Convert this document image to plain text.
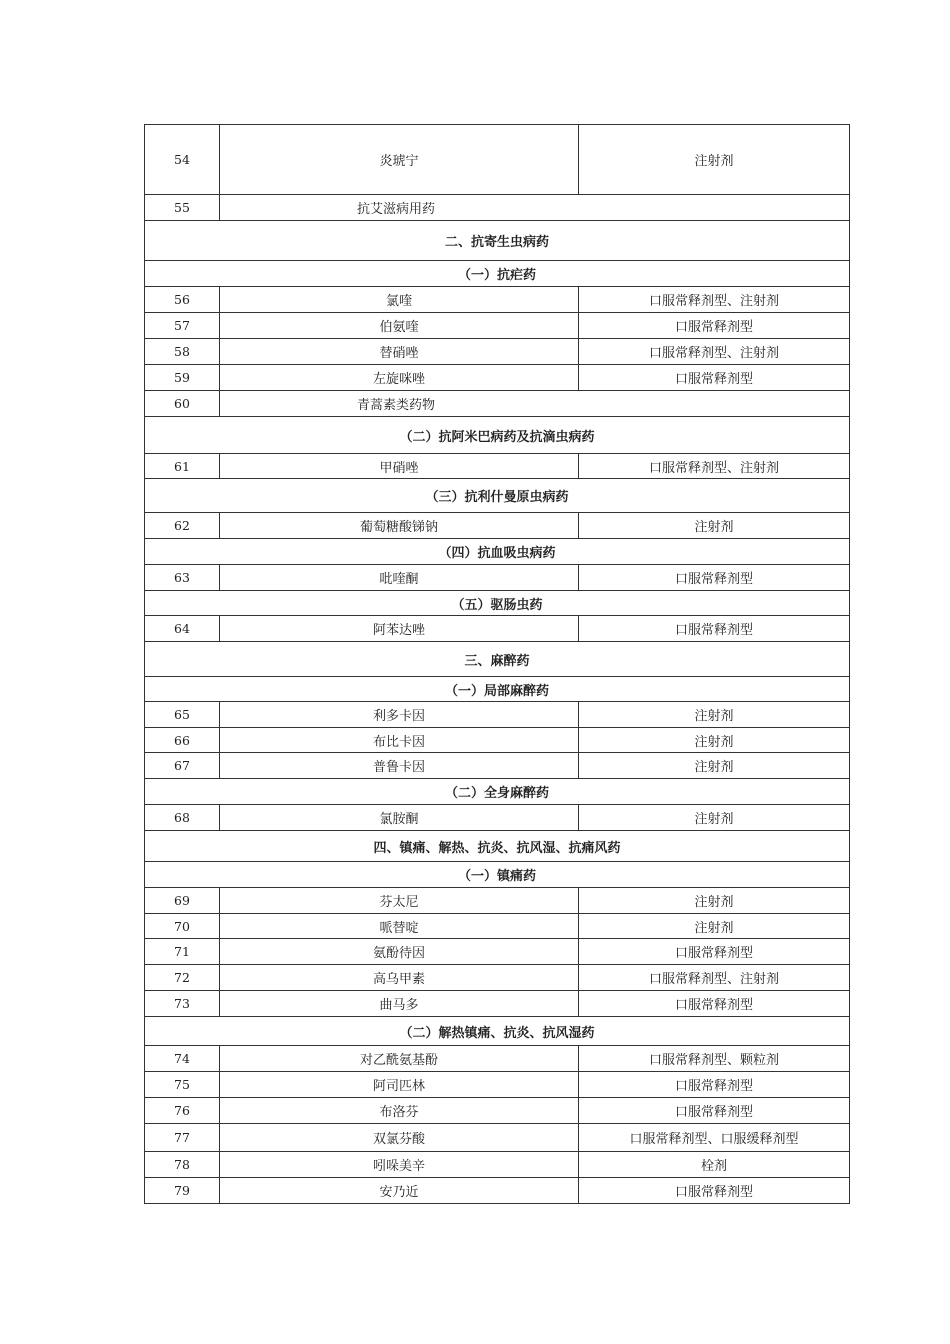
54	炎琥宁	注射剂
55	抗艾滋病用药	
二、抗寄生虫病药		
（一）抗疟药		
56	氯喹	口服常释剂型、注射剂
57	伯氨喹	口服常释剂型
58	替硝唑	口服常释剂型、注射剂
59	左旋咪唑	口服常释剂型
60	青蒿素类药物	
（二）抗阿米巴病药及抗滴虫病药		
61	甲硝唑	口服常释剂型、注射剂
（三）抗利什曼原虫病药		
62	葡萄糖酸锑钠	注射剂
（四）抗血吸虫病药		
63	吡喹酮	口服常释剂型
（五）驱肠虫药		
64	阿苯达唑	口服常释剂型
三、麻醉药		
（一）局部麻醉药		
65	利多卡因	注射剂
66	布比卡因	注射剂
67	普鲁卡因	注射剂
（二）全身麻醉药		
68	氯胺酮	注射剂
四、镇痛、解热、抗炎、抗风湿、抗痛风药		
（一）镇痛药		
69	芬太尼	注射剂
70	哌替啶	注射剂
71	氨酚待因	口服常释剂型
72	高乌甲素	口服常释剂型、注射剂
73	曲马多	口服常释剂型
（二）解热镇痛、抗炎、抗风湿药		
74	对乙酰氨基酚	口服常释剂型、颗粒剂
75	阿司匹林	口服常释剂型
76	布洛芬	口服常释剂型
77	双氯芬酸	口服常释剂型、口服缓释剂型
78	吲哚美辛	栓剂
79	安乃近	口服常释剂型
